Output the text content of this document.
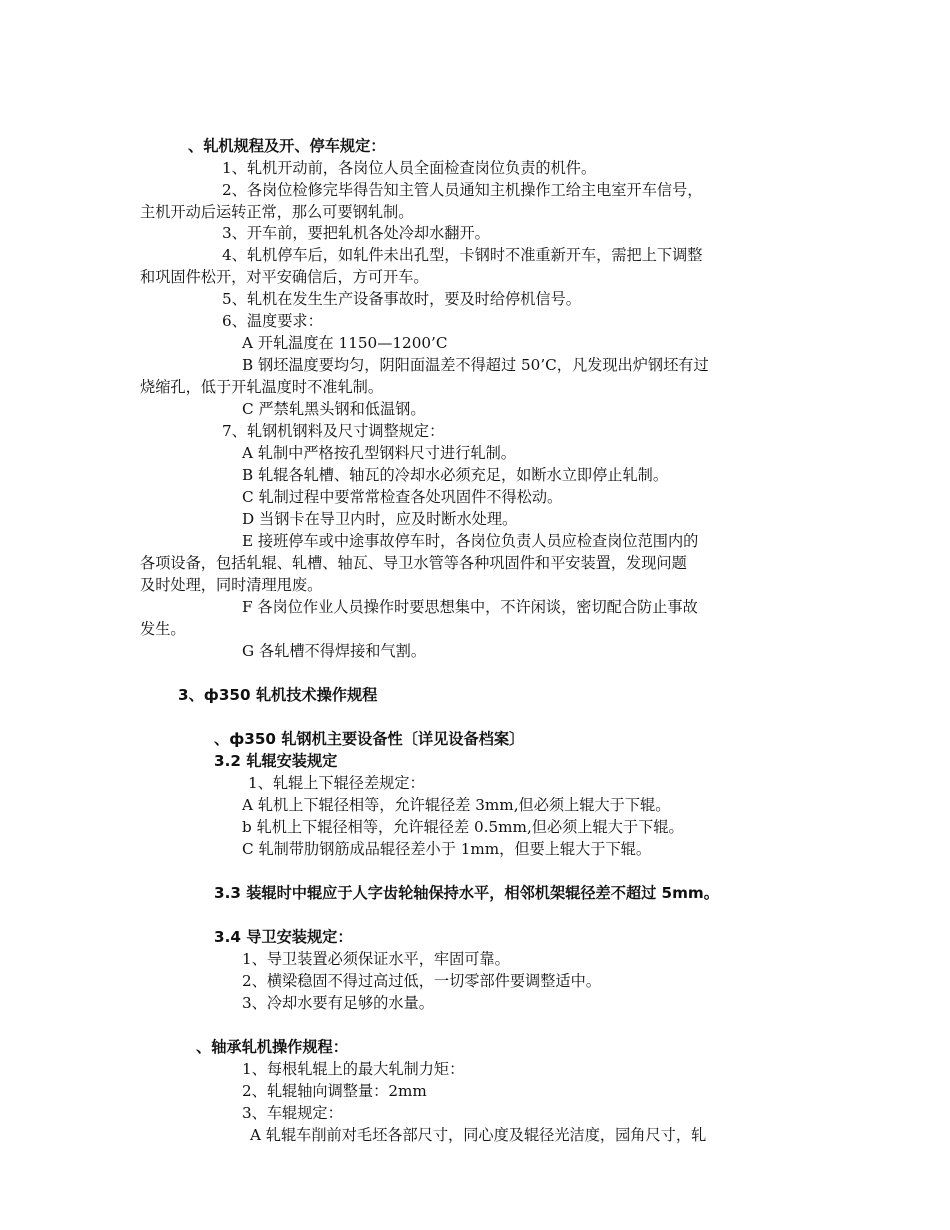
、轧机规程及开、停车规定：
1、轧机开动前，各岗位人员全面检查岗位负责的机件。
2、各岗位检修完毕得告知主管人员通知主机操作工给主电室开车信号，
主机开动后运转正常，那么可要钢轧制。
3、开车前，要把轧机各处冷却水翻开。
4、轧机停车后，如轧件未出孔型，卡钢时不准重新开车，需把上下调整
和巩固件松开，对平安确信后，方可开车。
5、轧机在发生生产设备事故时，要及时给停机信号。
6、温度要求：
A 开轧温度在 1150—1200’C
B 钢坯温度要均匀，阴阳面温差不得超过 50’C，凡发现出炉钢坯有过
烧缩孔，低于开轧温度时不准轧制。
C 严禁轧黑头钢和低温钢。
7、轧钢机钢料及尺寸调整规定：
A 轧制中严格按孔型钢料尺寸进行轧制。
B 轧辊各轧槽、轴瓦的冷却水必须充足，如断水立即停止轧制。
C 轧制过程中要常常检查各处巩固件不得松动。
D 当钢卡在导卫内时，应及时断水处理。
E 接班停车或中途事故停车时，各岗位负责人员应检查岗位范围内的
各项设备，包括轧辊、轧槽、轴瓦、导卫水管等各种巩固件和平安装置，发现问题
及时处理，同时清理甩废。
F 各岗位作业人员操作时要思想集中，不许闲谈，密切配合防止事故
发生。
G 各轧槽不得焊接和气割。
3、ф350 轧机技术操作规程
、ф350 轧钢机主要设备性〔详见设备档案〕
3.2 轧辊安装规定
1、轧辊上下辊径差规定：
A 轧机上下辊径相等，允许辊径差 3mm,但必须上辊大于下辊。
b 轧机上下辊径相等，允许辊径差 0.5mm,但必须上辊大于下辊。
C 轧制带肋钢筋成品辊径差小于 1mm，但要上辊大于下辊。
3.3 装辊时中辊应于人字齿轮轴保持水平，相邻机架辊径差不超过 5mm。
3.4 导卫安装规定：
1、导卫装置必须保证水平，牢固可靠。
2、横梁稳固不得过高过低，一切零部件要调整适中。
3、冷却水要有足够的水量。
、轴承轧机操作规程：
1、每根轧辊上的最大轧制力矩：
2、轧辊轴向调整量：2mm
3、车辊规定：
A 轧辊车削前对毛坯各部尺寸，同心度及辊径光洁度，园角尺寸，轧
